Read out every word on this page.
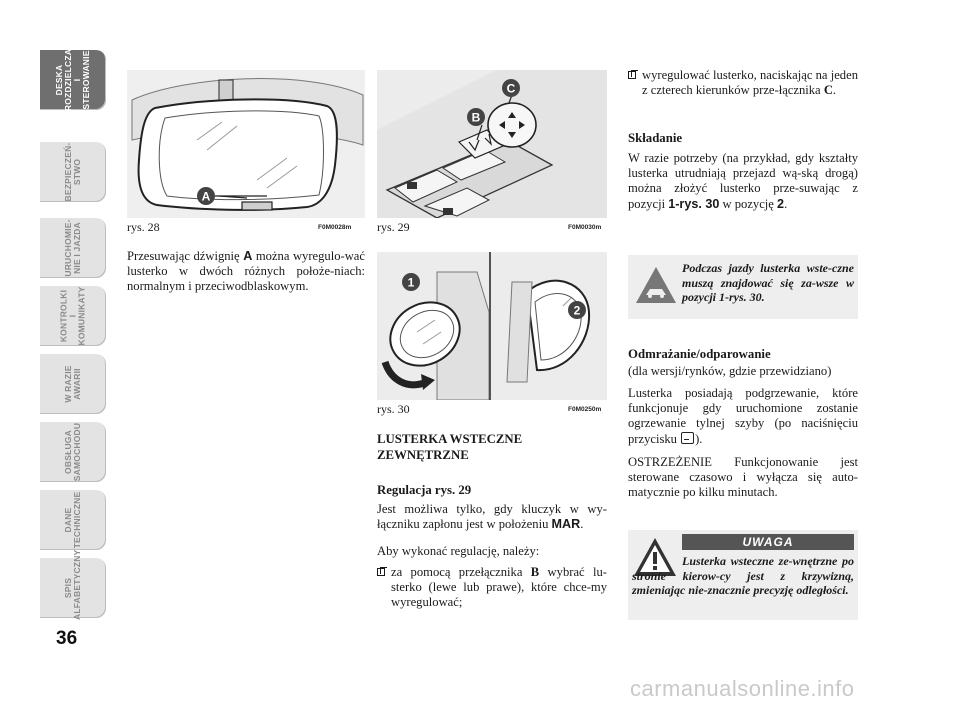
DESKA
ROZDZIELCZA
I STEROWANIE
BEZPIECZEŃ-
STWO
URUCHOMIE-
NIE I JAZDA
KONTROLKI
I KOMUNIKATY
W RAZIE
AWARII
OBSŁUGA
SAMOCHODU
DANE
TECHNICZNE
SPIS
ALFABETYCZNY
36
A
rys. 28	F0M0028m
B
C
rys. 29	F0M0030m
1
2
rys. 30	F0M0250m
Przesuwając dźwignię A można wyregulo-wać lusterko w dwóch różnych położe-niach: normalnym i przeciwodblaskowym.
LUSTERKA WSTECZNE ZEWNĘTRZNE
Regulacja rys. 29
Jest możliwa tylko, gdy kluczyk w wy-łączniku zapłonu jest w położeniu MAR.
Aby wykonać regulację, należy:
za pomocą przełącznika B wybrać lu-sterko (lewe lub prawe), które chce-my wyregulować;
wyregulować lusterko, naciskając na jeden z czterech kierunków prze-łącznika C.
Składanie
W razie potrzeby (na przykład, gdy kształty lusterka utrudniają przejazd wą-ską drogą) można złożyć lusterko prze-suwając z pozycji 1-rys. 30 w pozycję 2.
Podczas jazdy lusterka wste-czne muszą znajdować się za-wsze w pozycji 1-rys. 30.
Odmrażanie/odparowanie
(dla wersji/rynków, gdzie przewidziano)
Lusterka posiadają podgrzewanie, które funkcjonuje gdy uruchomione zostanie ogrzewanie tylnej szyby (po naciśnięciu przycisku
).
OSTRZEŻENIE Funkcjonowanie jest sterowane czasowo i wyłącza się auto-matycznie po kilku minutach.
UWAGA
Lusterka wsteczne ze-wnętrzne po stronie kierow-cy jest z krzywizną, zmieniając nie-znacznie precyzję odległości.
carmanualsonline.info
